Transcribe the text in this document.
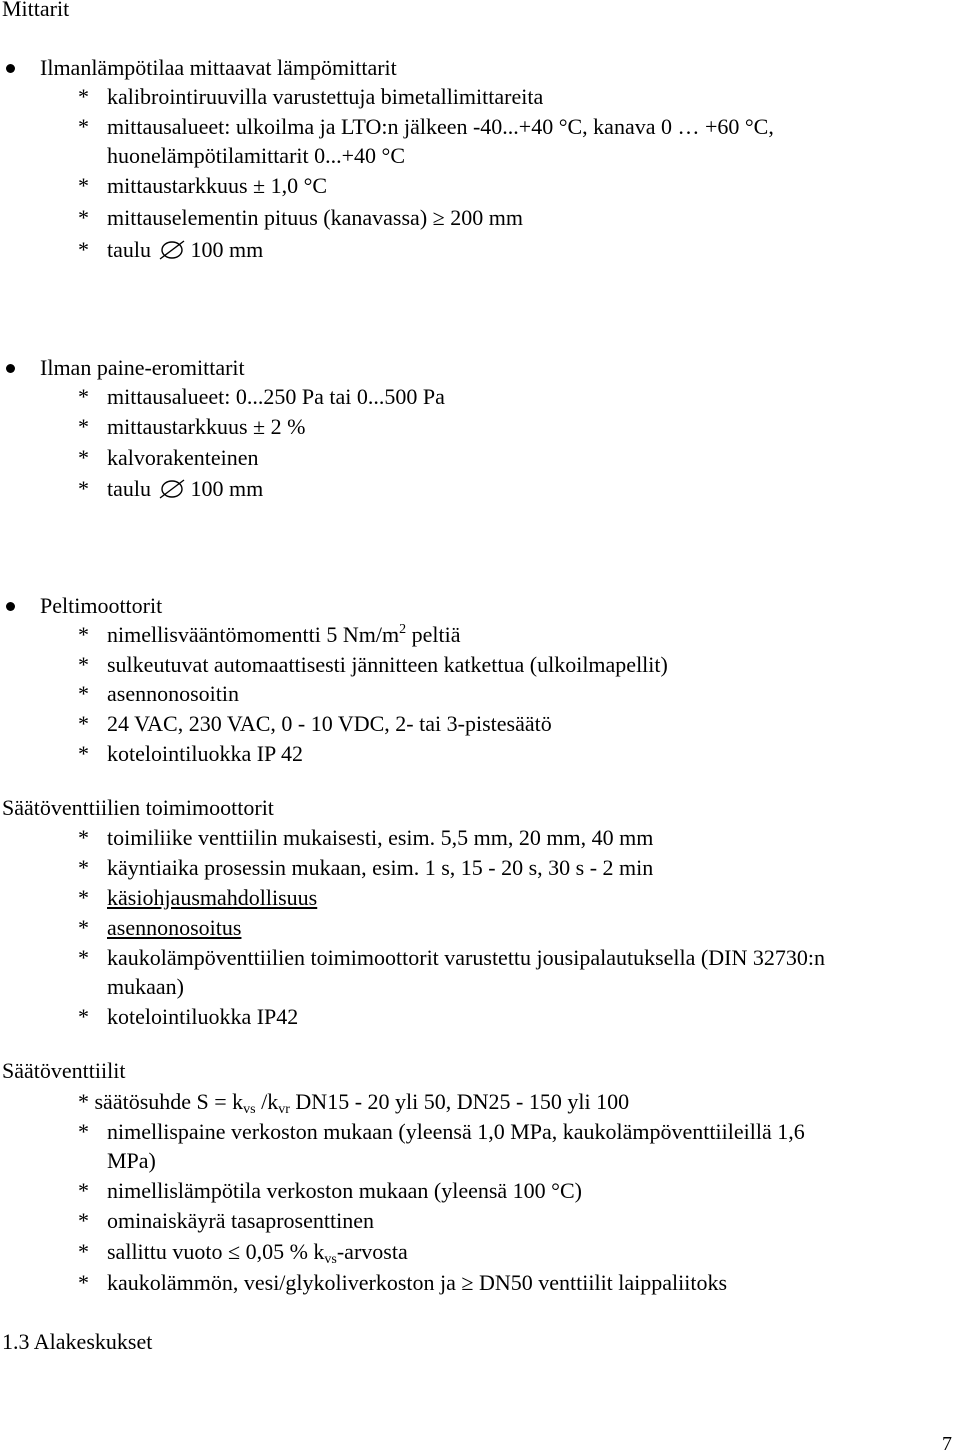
Mittarit
Ilmanlämpötilaa mittaavat lämpömittarit
* kalibrointiruuvilla varustettuja bimetallimittareita
* mittausalueet: ulkoilma ja LTO:n jälkeen -40...+40 °C, kanava 0 … +60 °C,
huonelämpötilamittarit 0...+40 °C
* mittaustarkkuus ± 1,0 °C
* mittauselementin pituus (kanavassa) ≥ 200 mm
* taulu 100 mm
Ilman paine-eromittarit
* mittausalueet: 0...250 Pa tai 0...500 Pa
* mittaustarkkuus ± 2 %
* kalvorakenteinen
* taulu 100 mm
Peltimoottorit
* nimellisvääntömomentti 5 $Nm/m^2$ peltiä
* sulkeutuvat automaattisesti jännitteen katkettua (ulkoilmapellit)
* asennonosoitin
* 24 VAC, 230 VAC, 0 - 10 VDC, 2- tai 3-pistesäätö
* kotelointiluokka IP 42
Säätöventtiilien toimimoottorit
* toimiliike venttiilin mukaisesti, esim. 5,5 mm, 20 mm, 40 mm
* käyntiaika prosessin mukaan, esim. 1 s, 15 - 20 s, 30 s - 2 min
* käsiohjausmahdollisuus
* asennonosoitus
* kaukolämpöventtiilien toimimoottorit varustettu jousipalautuksella (DIN 32730:n
mukaan)
* kotelointiluokka IP42
Säätöventtiilit
* säätösuhde $S = k_{vs}$ $/k_{vr}$ DN15 - 20 yli 50, DN25 - 150 yli 100
* nimellispaine verkoston mukaan (yleensä 1,0 MPa, kaukolämpöventtiileillä 1,6
MPa)
* nimellislämpötila verkoston mukaan (yleensä 100 °C)
* ominaiskäyrä tasaprosenttinen
* sallittu vuoto ≤ 0,05 % $k_{vs}$-arvosta
* kaukolämmön, vesi/glykoliverkoston ja ≥ DN50 venttiilit laippaliitoks
1.3 Alakeskukset
7
